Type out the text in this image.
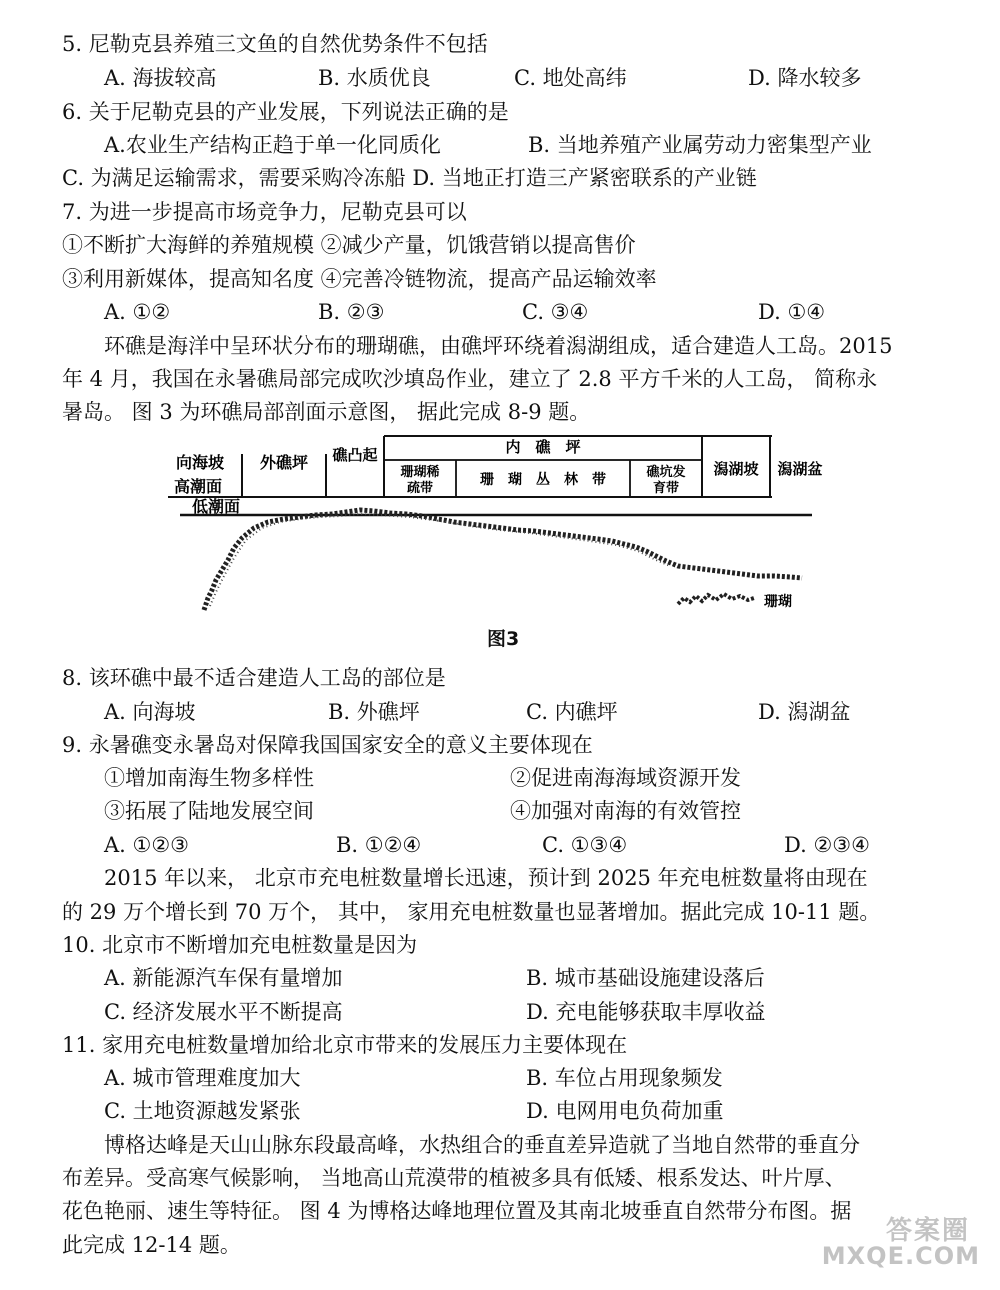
5. 尼勒克县养殖三文鱼的自然优势条件不包括
A. 海拔较高	B. 水质优良	C. 地处高纬	D. 降水较多
6. 关于尼勒克县的产业发展，下列说法正确的是
A.农业生产结构正趋于单一化同质化	B. 当地养殖产业属劳动力密集型产业
C. 为满足运输需求，需要采购冷冻船 D. 当地正打造三产紧密联系的产业链
7. 为进一步提高市场竞争力，尼勒克县可以
①不断扩大海鲜的养殖规模 ②减少产量，饥饿营销以提高售价
③利用新媒体，提高知名度 ④完善冷链物流，提高产品运输效率
A. ①②	B. ②③	C. ③④	D. ①④
环礁是海洋中呈环状分布的珊瑚礁，由礁坪环绕着潟湖组成，适合建造人工岛。2015
年 4 月，我国在永暑礁局部完成吹沙填岛作业，建立了 2.8 平方千米的人工岛， 简称永
暑岛。 图 3 为环礁局部剖面示意图， 据此完成 8-9 题。
向海坡
高潮面
外礁坪 礁凸起	内　礁　坪
珊瑚稀
疏带
珊　瑚　丛　林　带	礁坑发
育带
潟湖坡 潟湖盆
低潮面
珊瑚
图3
8. 该环礁中最不适合建造人工岛的部位是
A. 向海坡	B. 外礁坪	C. 内礁坪	D. 潟湖盆
9. 永暑礁变永暑岛对保障我国国家安全的意义主要体现在
①增加南海生物多样性	②促进南海海域资源开发
③拓展了陆地发展空间	④加强对南海的有效管控
A. ①②③	B. ①②④	C. ①③④	D. ②③④
2015 年以来， 北京市充电桩数量增长迅速，预计到 2025 年充电桩数量将由现在
的 29 万个增长到 70 万个， 其中， 家用充电桩数量也显著增加。据此完成 10-11 题。
10. 北京市不断增加充电桩数量是因为
A. 新能源汽车保有量增加	B. 城市基础设施建设落后
C. 经济发展水平不断提高	D. 充电能够获取丰厚收益
11. 家用充电桩数量增加给北京市带来的发展压力主要体现在
A. 城市管理难度加大	B. 车位占用现象频发
C. 土地资源越发紧张	D. 电网用电负荷加重
博格达峰是天山山脉东段最高峰，水热组合的垂直差异造就了当地自然带的垂直分
布差异。受高寒气候影响， 当地高山荒漠带的植被多具有低矮、根系发达、叶片厚、
花色艳丽、速生等特征。 图 4 为博格达峰地理位置及其南北坡垂直自然带分布图。据
此完成 12-14 题。	答案圈
MXQE.COM
